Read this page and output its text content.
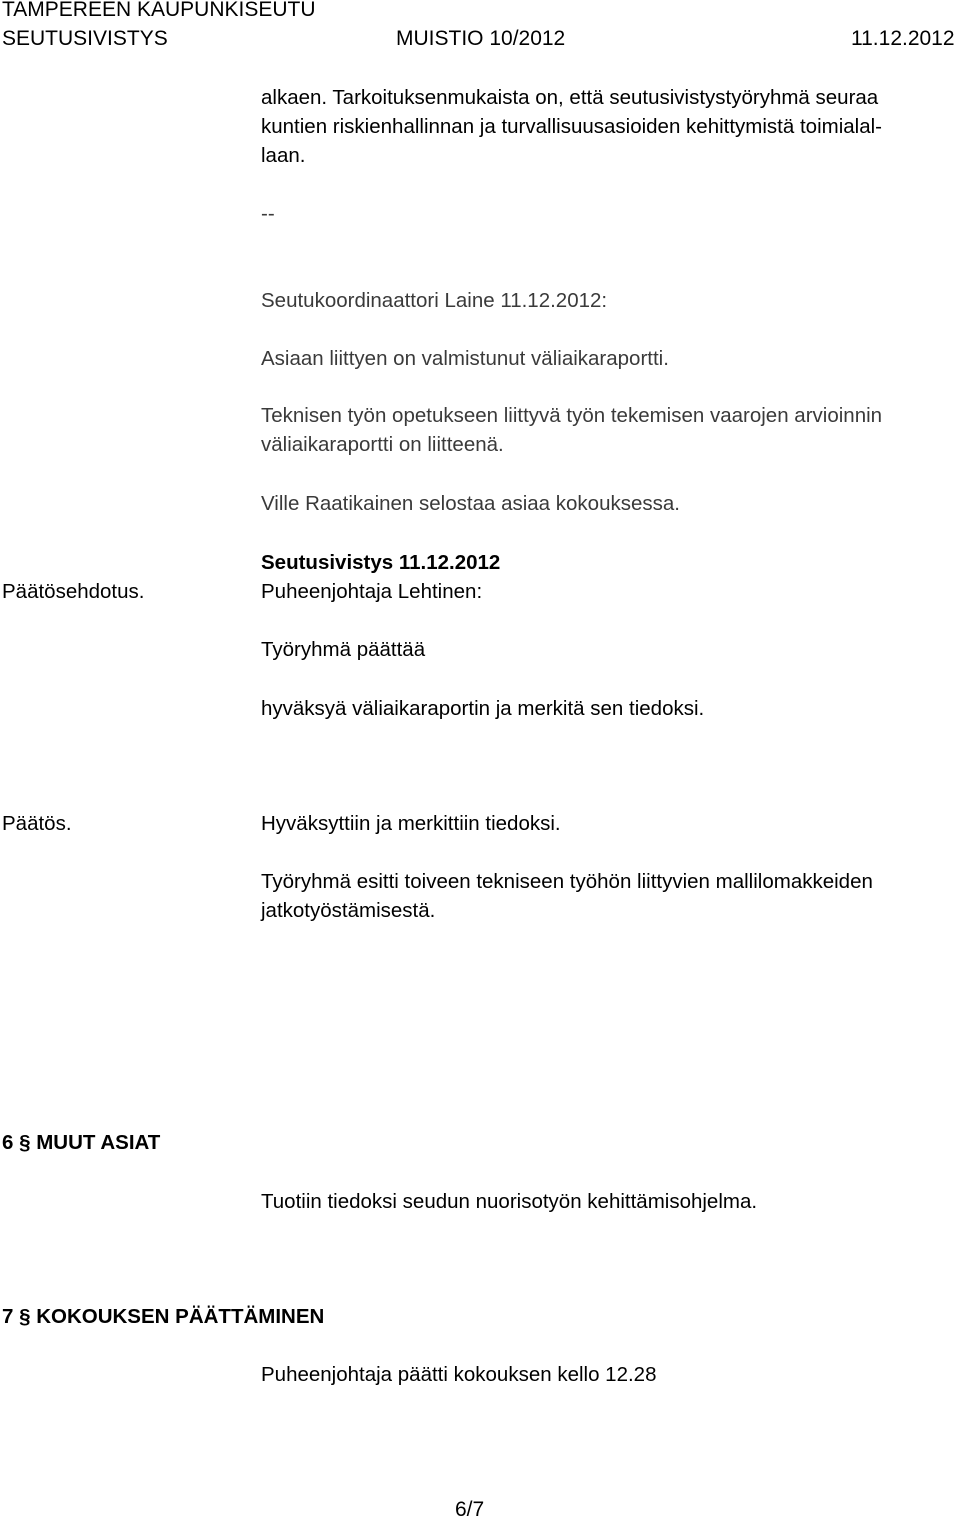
TAMPEREEN KAUPUNKISEUTU
SEUTUSIVISTYS	MUISTIO 10/2012	11.12.2012
alkaen. Tarkoituksenmukaista on, että seutusivistystyöryhmä seuraa
kuntien riskienhallinnan ja turvallisuusasioiden kehittymistä toimialal-
laan.
--
Seutukoordinaattori Laine 11.12.2012:
Asiaan liittyen on valmistunut väliaikaraportti.
Teknisen työn opetukseen liittyvä työn tekemisen vaarojen arvioinnin
väliaikaraportti on liitteenä.
Ville Raatikainen selostaa asiaa kokouksessa.
Seutusivistys 11.12.2012
Päätösehdotus.	Puheenjohtaja Lehtinen:
Työryhmä päättää
hyväksyä väliaikaraportin ja merkitä sen tiedoksi.
Päätös.	Hyväksyttiin ja merkittiin tiedoksi.
Työryhmä esitti toiveen tekniseen työhön liittyvien mallilomakkeiden
jatkotyöstämisestä.
6 § MUUT ASIAT
Tuotiin tiedoksi seudun nuorisotyön kehittämisohjelma.
7 § KOKOUKSEN PÄÄTTÄMINEN
Puheenjohtaja päätti kokouksen kello 12.28
6/7
